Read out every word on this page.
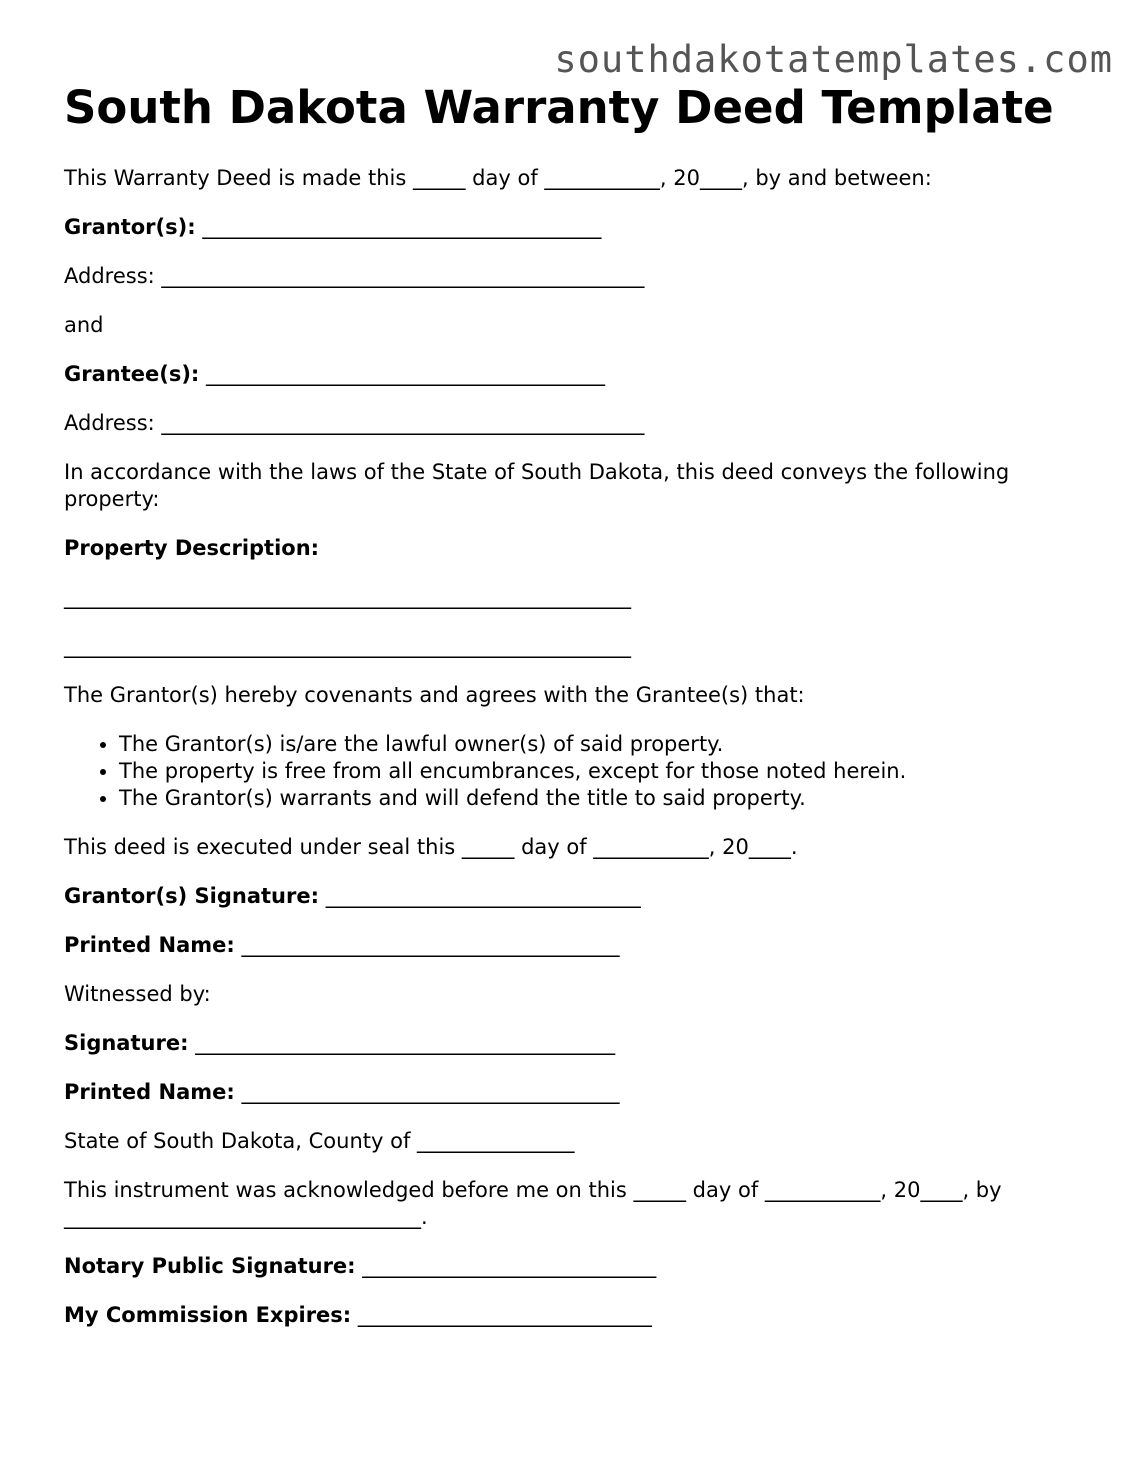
southdakotatemplates.com
South Dakota Warranty Deed Template

This Warranty Deed is made this _____ day of ___________, 20____, by and between:

Grantor(s): ______________________________________

Address: ______________________________________________

and

Grantee(s): ______________________________________

Address: ______________________________________________

In accordance with the laws of the State of South Dakota, this deed conveys the following property:

Property Description:

______________________________________________________

______________________________________________________

The Grantor(s) hereby covenants and agrees with the Grantee(s) that:

• The Grantor(s) is/are the lawful owner(s) of said property.
• The property is free from all encumbrances, except for those noted herein.
• The Grantor(s) warrants and will defend the title to said property.

This deed is executed under seal this _____ day of ___________, 20____.

Grantor(s) Signature: ______________________________

Printed Name: ____________________________________

Witnessed by:

Signature: ________________________________________

Printed Name: ____________________________________

State of South Dakota, County of _______________

This instrument was acknowledged before me on this _____ day of ___________, 20____, by __________________________________.

Notary Public Signature: ____________________________

My Commission Expires: ____________________________
